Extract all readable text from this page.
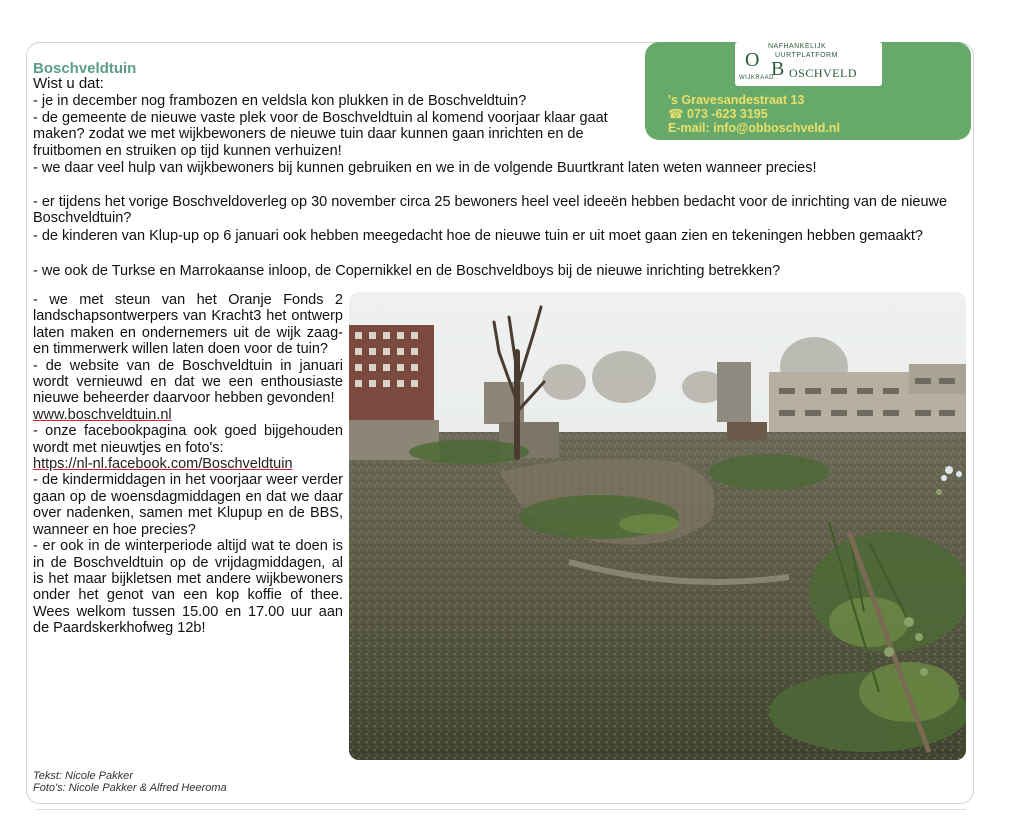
Boschveldtuin
Wist u dat:

- je in december nog frambozen en veldsla kon plukken in de Boschveldtuin?

- de gemeente de nieuwe vaste plek voor de Boschveldtuin al komend voorjaar klaar gaat maken? zodat we met wijkbewoners de nieuwe tuin daar kunnen gaan inrichten en de fruitbomen en struiken op tijd kunnen verhuizen!

- we daar veel hulp van wijkbewoners bij kunnen gebruiken en we in de volgende Buurtkrant laten weten wanneer precies!

- er tijdens het vorige Boschveldoverleg op 30 november circa 25 bewoners heel veel ideeën hebben bedacht voor de inrichting van de nieuwe Boschveldtuin?

- de kinderen van Klup-up op 6 januari ook hebben meegedacht hoe de nieuwe tuin er uit moet gaan zien en tekeningen hebben gemaakt?

- we ook de Turkse en Marrokaanse inloop, de Copernikkel en de Boschveldboys bij de nieuwe inrichting betrekken?

- we met steun van het Oranje Fonds 2 landschapsontwerpers van Kracht3 het ontwerp laten maken en ondernemers uit de wijk zaag- en timmerwerk willen laten doen voor de tuin?

- de website van de Boschveldtuin in januari wordt vernieuwd en dat we een enthousiaste nieuwe beheerder daarvoor hebben gevonden!

www.boschveldtuin.nl

- onze facebookpagina ook goed bijgehouden wordt met nieuwtjes en foto's:

https://nl-nl.facebook.com/Boschveldtuin

- de kindermiddagen in het voorjaar weer verder gaan op de woensdagmiddagen en dat we daar over nadenken, samen met Klupup en de BBS, wanneer en hoe precies?

- er ook in de winterperiode altijd wat te doen is in de Boschveldtuin op de vrijdagmiddagen, al is het maar bijkletsen met andere wijkbewoners onder het genot van een kop koffie of thee. Wees welkom tussen 15.00 en 17.00 uur aan de Paardskerkhofweg 12b!

Tekst: Nicole Pakker
Foto's: Nicole Pakker & Alfred Heeroma
O
NAFHANKELIJK
UURTPLATFORM
B OSCHVELD
WIJKRAAD

's Gravesandestraat 13

☎ 073 -623 3195

E-mail: info@obboschveld.nl
